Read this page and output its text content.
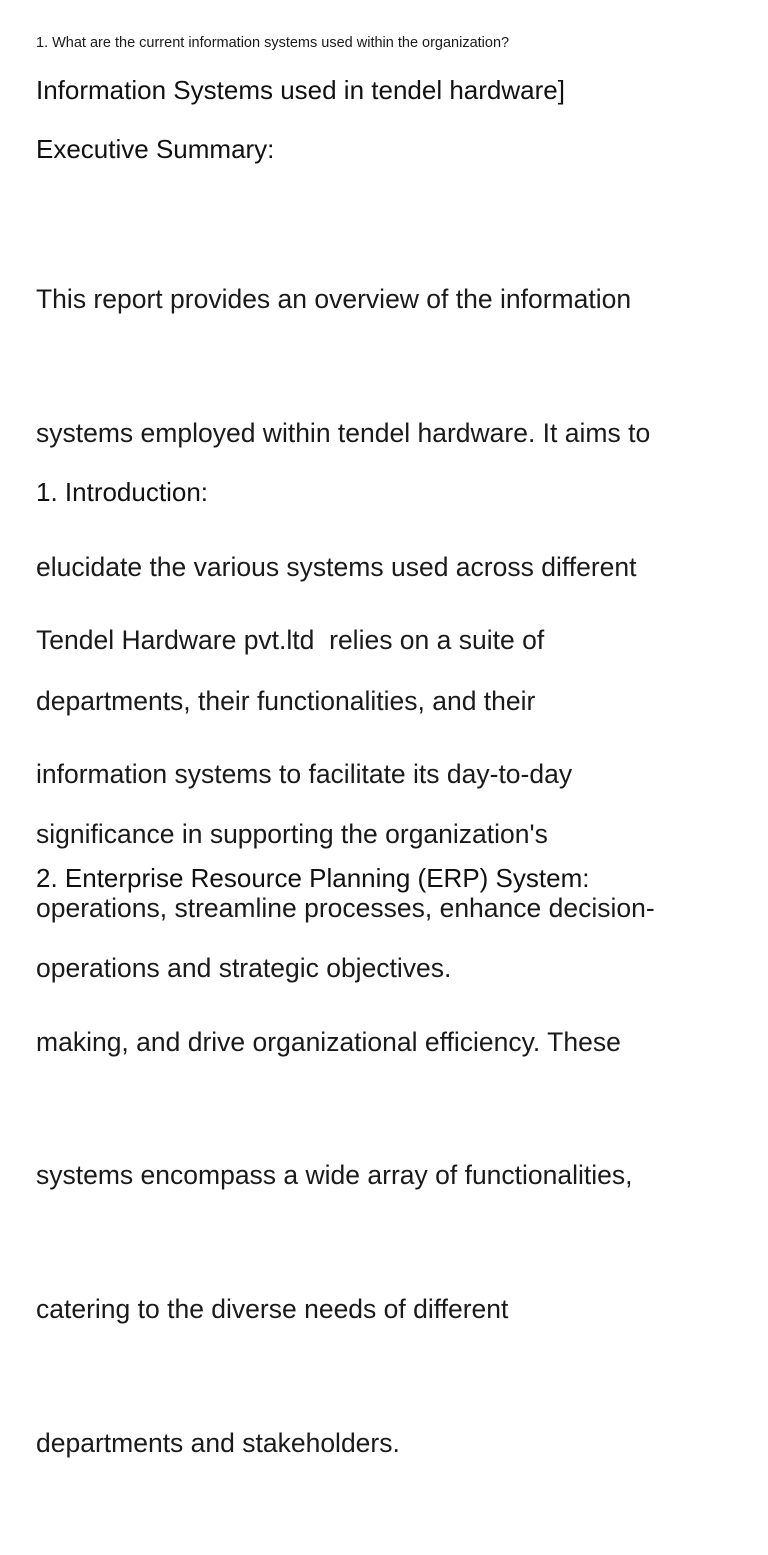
1. What are the current information systems used within the organization?

Information Systems used in tendel hardware]
Executive Summary:

This report provides an overview of the information

systems employed within tendel hardware. It aims to

elucidate the various systems used across different

departments, their functionalities, and their

significance in supporting the organization's

operations and strategic objectives.

1. Introduction:

Tendel Hardware pvt.ltd  relies on a suite of

information systems to facilitate its day-to-day

operations, streamline processes, enhance decision-

making, and drive organizational efficiency. These

systems encompass a wide array of functionalities,

catering to the diverse needs of different

departments and stakeholders.

2. Enterprise Resource Planning (ERP) System:
